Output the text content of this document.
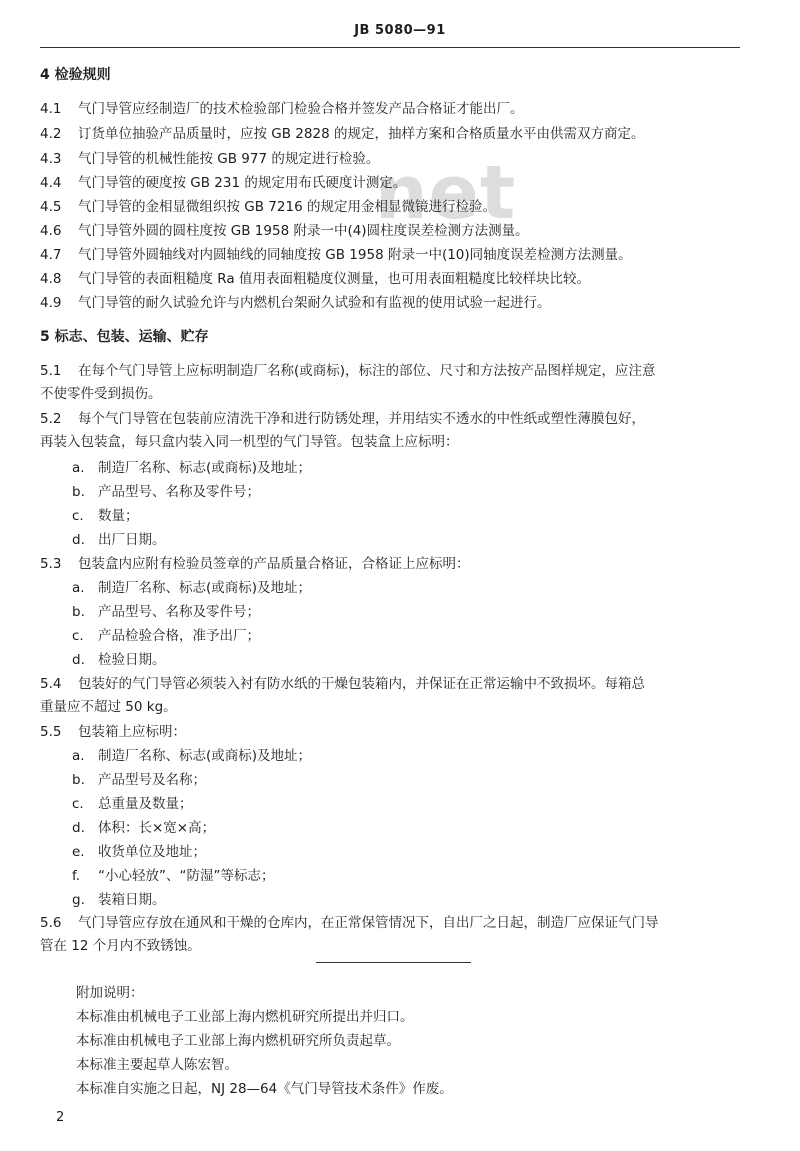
JB 5080—91
net
4 检验规则
4.1 气门导管应经制造厂的技术检验部门检验合格并签发产品合格证才能出厂。
4.2 订货单位抽验产品质量时，应按 GB 2828 的规定，抽样方案和合格质量水平由供需双方商定。
4.3 气门导管的机械性能按 GB 977 的规定进行检验。
4.4 气门导管的硬度按 GB 231 的规定用布氏硬度计测定。
4.5 气门导管的金相显微组织按 GB 7216 的规定用金相显微镜进行检验。
4.6 气门导管外圆的圆柱度按 GB 1958 附录一中(4)圆柱度误差检测方法测量。
4.7 气门导管外圆轴线对内圆轴线的同轴度按 GB 1958 附录一中(10)同轴度误差检测方法测量。
4.8 气门导管的表面粗糙度 Ra 值用表面粗糙度仪测量，也可用表面粗糙度比较样块比较。
4.9 气门导管的耐久试验允许与内燃机台架耐久试验和有监视的使用试验一起进行。
5 标志、包装、运输、贮存
5.1 在每个气门导管上应标明制造厂名称(或商标)，标注的部位、尺寸和方法按产品图样规定，应注意
不使零件受到损伤。
5.2 每个气门导管在包装前应清洗干净和进行防锈处理，并用结实不透水的中性纸或塑性薄膜包好，
再装入包装盒，每只盒内装入同一机型的气门导管。包装盒上应标明：
a. 制造厂名称、标志(或商标)及地址；
b. 产品型号、名称及零件号；
c. 数量；
d. 出厂日期。
5.3 包装盒内应附有检验员签章的产品质量合格证，合格证上应标明：
a. 制造厂名称、标志(或商标)及地址；
b. 产品型号、名称及零件号；
c. 产品检验合格，准予出厂；
d. 检验日期。
5.4 包装好的气门导管必须装入衬有防水纸的干燥包装箱内，并保证在正常运输中不致损坏。每箱总
重量应不超过 50 kg。
5.5 包装箱上应标明：
a. 制造厂名称、标志(或商标)及地址；
b. 产品型号及名称；
c. 总重量及数量；
d. 体积：长×宽×高；
e. 收货单位及地址；
f. “小心轻放”、“防湿”等标志；
g. 装箱日期。
5.6 气门导管应存放在通风和干燥的仓库内，在正常保管情况下，自出厂之日起，制造厂应保证气门导
管在 12 个月内不致锈蚀。
附加说明：
本标准由机械电子工业部上海内燃机研究所提出并归口。
本标准由机械电子工业部上海内燃机研究所负责起草。
本标准主要起草人陈宏智。
本标准自实施之日起，NJ 28—64《气门导管技术条件》作废。
2
